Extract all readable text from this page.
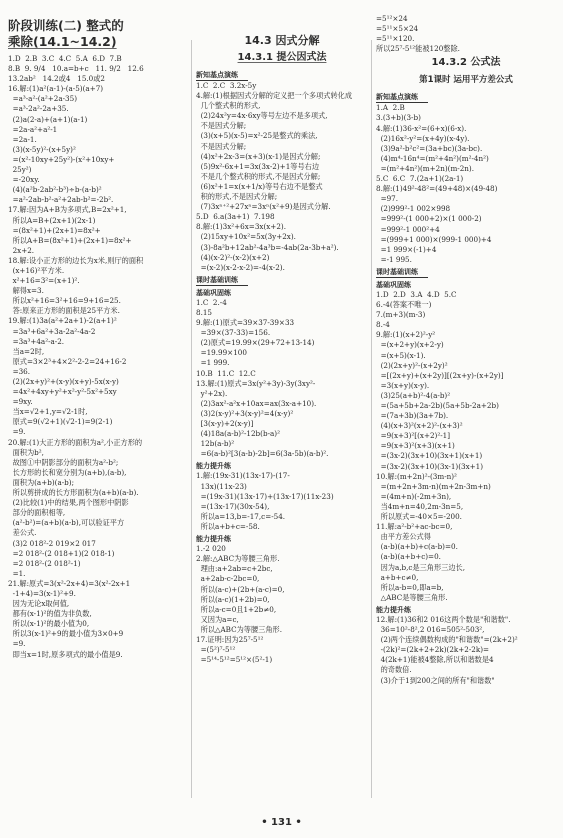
阶段训练(二) 整式的
乘除(14.1~14.2)
1.D  2.B  3.C  4.C  5.A  6.D  7.B
8.B  9. 9/4   10.a=b+c   11. 9/2   12.6
13.2ab²   14.2或4   15.0或2
16.解:(1)a²(a-1)-(a-5)(a+7)
=a³-a²-(a²+2a-35)
=a³-2a²-2a+35.
(2)a(2-a)+(a+1)(a-1)
=2a-a²+a²-1
=2a-1.
(3)(x-5y)²-(x+5y)²
=(x²-10xy+25y²)-(x²+10xy+
25y²)
=-20xy.
(4)(a²b-2ab²-b³)÷b-(a-b)²
=a²-2ab-b²-a²+2ab-b²=-2b².
17.解:因为A+B为多项式,B=2x²+1,
所以A=B+(2x+1)(2x-1)
=(8x²+1)+(2x+1)=8x²+
所以A+B=(8x²+1)+(2x+1)=8x²+
2x+2.
18.解:设小正方形的边长为x米,则厅的面积
(x+16)²平方米.
x²+16=3²=(x+1)².
解得x=3.
所以x²+16=3²+16=9+16=25.
答:原来正方形的面积是25平方米.
19.解:(1)3a(a²+2a+1)-2(a+1)²
=3a³+6a²+3a-2a²-4a-2
=3a³+4a²-a-2.
当a=2时,
原式=3×2³+4×2²-2-2=24+16-2
=36.
(2)(2x+y)²+(x-y)(x+y)-5x(x-y)
=4x²+4xy+y²+x²-y²-5x²+5xy
=9xy.
当x=√2+1,y=√2-1时,
原式=9(√2+1)(√2-1)=9(2-1)
=9.
20.解:(1)大正方形的面积为a²,小正方形的
面积为b²,
故图①中阴影部分的面积为a²-b²;
长方形的长和宽分别为(a+b),(a-b),
面积为(a+b)(a-b);
所以剪拼成的长方形面积为(a+b)(a-b).
(2)比较(1)中的结果,两个图形中阴影
部分的面积相等,
(a²-b²)=(a+b)(a-b),可以验证平方
差公式.
(3)2 018²-2 019×2 017
=2 018²-(2 018+1)(2 018-1)
=2 018²-(2 018²-1)
=1.
21.解:原式=3(x²-2x+4)=3(x²-2x+1
-1+4)=3(x-1)²+9.
因为无论x取何值,
都有(x-1)²的值为非负数,
所以(x-1)²的最小值为0,
所以3(x-1)²+9的最小值为3×0+9
=9.
即当x=1时,原多项式的最小值是9.
14.3 因式分解
14.3.1 提公因式法
新知基点演练
1.C  2.C  3.2x-5y
4.解:(1)根据因式分解的定义把一个多项式转化成
几个整式积的形式,
(2)24x²y=4x·6xy等号左边不是多项式,
不是因式分解;
(3)(x+5)(x-5)=x²-25是整式的乘法,
不是因式分解;
(4)x²+2x-3=(x+3)(x-1)是因式分解;
(5)9x²-6x+1=3x(3x-2)+1等号右边
不是几个整式积的形式,不是因式分解;
(6)x²+1=x(x+1/x)等号右边不是整式
积的形式,不是因式分解;
(7)3xⁿ⁺²+27xⁿ=3xⁿ(x²+9)是因式分解.
5.D  6.a(3a+1)  7.198
8.解:(1)3x²+6x=3x(x+2).
(2)15xy+10x²=5x(3y+2x).
(3)-8a²b+12ab²-4a³b=-4ab(2a-3b+a²).
(4)(x-2)²-(x-2)(x+2)
=(x-2)(x-2-x-2)=-4(x-2).
课时基础训练
基础巩固练
1.C  2.-4
8.15
9.解:(1)原式=39×37-39×33
=39×(37-33)=156.
(2)原式=19.99×(29+72+13-14)
=19.99×100
=1 999.
10.B  11.C  12.C
13.解:(1)原式=3x(y²+3y)-3y(3xy²-
y²+2x).
(2)3ax²-a²x+10ax=ax(3x-a+10).
(3)2(x-y)²+3(x-y)²=4(x-y)²
[3(x-y)+2(x-y)]
(4)18a(a-b)²-12b(b-a)²
12b(a-b)²
=6(a-b)²[3(a-b)-2b]=6(3a-5b)(a-b)².
能力提升练
1.解:(19x-31)(13x-17)-(17-
13x)(11x-23)
=(19x-31)(13x-17)+(13x-17)(11x-23)
=(13x-17)(30x-54),
所以a=13,b=-17,c=-54.
所以a+b+c=-58.
能力提升练
1.-2 020
2.解:△ABC为等腰三角形.
理由:a+2ab=c+2bc,
a+2ab-c-2bc=0,
所以(a-c)+(2b+(a-c)=0,
所以(a-c)(1+2b)=0,
所以a-c=0且1+2b≠0,
又因为a=c,
所以△ABC为等腰三角形.
17.证明:因为25⁷-5¹²
=(5²)⁷-5¹²
=5¹⁴-5¹²=5¹²×(5²-1)
=5¹²×24
=5¹¹×5×24
=5¹¹×120.
所以25⁷-5¹²能被120整除.
14.3.2 公式法
第1课时 运用平方差公式
新知基点演练
1.A  2.B
3.(3+b)(3-b)
4.解:(1)36-x²=(6+x)(6-x).
(2)16x²-y²=(x+4y)(x-4y).
(3)9a²-b²c²=(3a+bc)(3a-bc).
(4)m⁴-16n⁴=(m²+4n²)(m²-4n²)
=(m²+4n²)(m+2n)(m-2n).
5.C  6.C  7.(2a+1)(2a-1)
8.解:(1)49²-48²=(49+48)×(49-48)
=97.
(2)999²-1 002×998
=999²-(1 000+2)×(1 000-2)
=999²-1 000²+4
=(999+1 000)×(999-1 000)+4
=1 999×(-1)+4
=-1 995.
课时基础训练
基础巩固练
1.D  2.D  3.A  4.D  5.C
6.-4(答案不唯一)
7.(m+3)(m-3)
8.-4
9.解:(1)(x+2)²-y²
=(x+2+y)(x+2-y)
=(x+5)(x-1).
(2)(2x+y)²-(x+2y)²
=[(2x+y)+(x+2y)][(2x+y)-(x+2y)]
=3(x+y)(x-y).
(3)25(a+b)²-4(a-b)²
=(5a+5b+2a-2b)(5a+5b-2a+2b)
=(7a+3b)(3a+7b).
(4)(x+3)²(x+2)²-(x+3)²
=9(x+3)²[(x+2)²-1]
=9(x+3)²(x+3)(x+1)
=(3x-2)(3x+10)(3x+1)(x+1)
=(3x-2)(3x+10)(3x-1)(3x+1)
10.解:(m+2n)²-(3m-n)²
=(m+2n+3m-n)(m+2n-3m+n)
=(4m+n)(-2m+3n),
当4m+n=40,2m-3n=5,
所以原式=-40×5=-200.
11.解:a²-b²+ac-bc=0,
由平方差公式得
(a-b)(a+b)+c(a-b)=0.
(a-b)(a+b+c)=0.
因为a,b,c是三角形三边长,
a+b+c≠0,
所以a-b=0,即a=b,
△ABC是等腰三角形.
能力提升练
12.解:(1)36和2 016这两个数是"和谐数".
36=10²-8²,2 016=505²-503²,
(2)两个连续偶数构成的"和谐数"=(2k+2)²
-(2k)²=(2k+2+2k)(2k+2-2k)=
4(2k+1)能被4整除,所以和谐数是4
的奇数倍.
(3)介于1到200之间的所有"和谐数"
• 131 •
